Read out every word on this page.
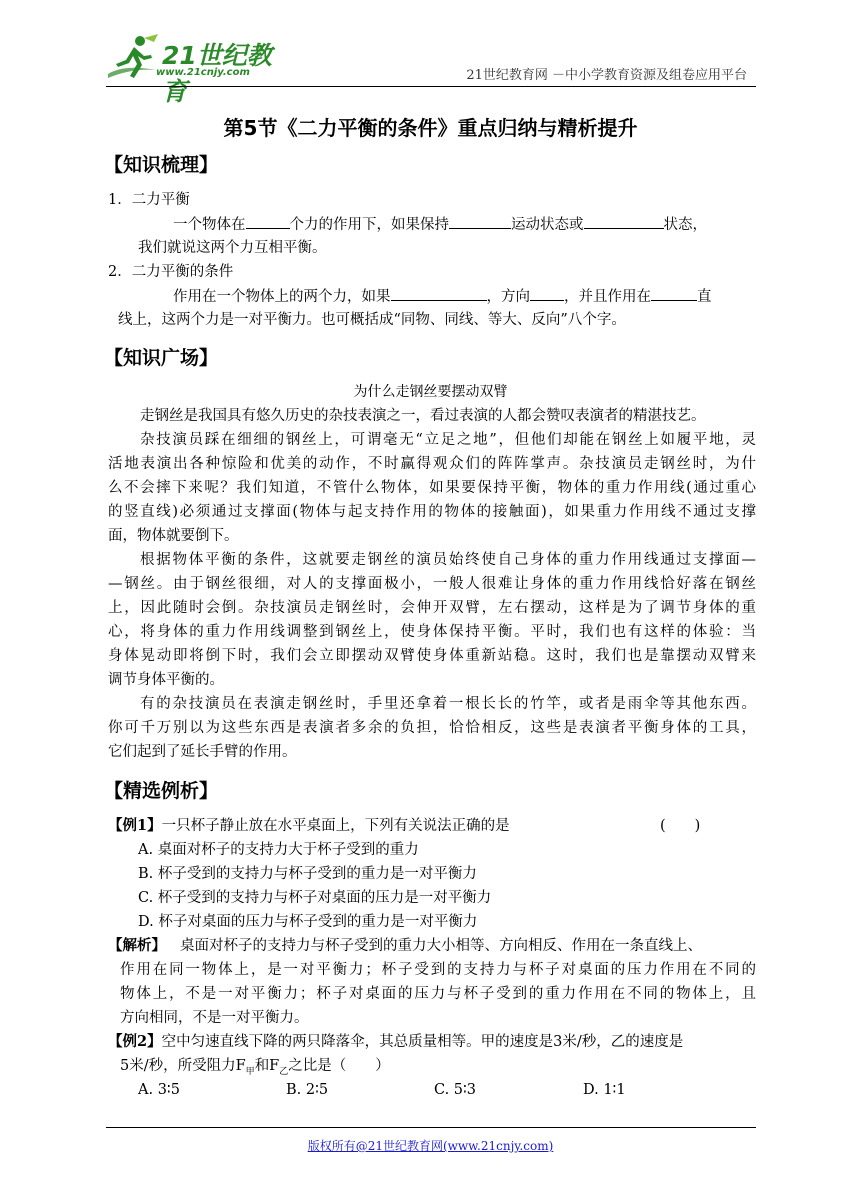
21世纪教育
www.21cnjy.com	21世纪教育网 －中小学教育资源及组卷应用平台
第5节《二力平衡的条件》重点归纳与精析提升
【知识梳理】
1．二力平衡
一个物体在	个力的作用下，如果保持	运动状态或	状态，
我们就说这两个力互相平衡。
2．二力平衡的条件
作用在一个物体上的两个力，如果	，方向 ，并且作用在	直
线上，这两个力是一对平衡力。也可概括成“同物、同线、等大、反向”八个字。
【知识广场】
为什么走钢丝要摆动双臂
走钢丝是我国具有悠久历史的杂技表演之一，看过表演的人都会赞叹表演者的精湛技艺。
杂技演员踩在细细的钢丝上，可谓毫无“立足之地”，但他们却能在钢丝上如履平地，灵
活地表演出各种惊险和优美的动作，不时赢得观众们的阵阵掌声。杂技演员走钢丝时，为什
么不会摔下来呢？我们知道，不管什么物体，如果要保持平衡，物体的重力作用线(通过重心
的竖直线)必须通过支撑面(物体与起支持作用的物体的接触面)，如果重力作用线不通过支撑
面，物体就要倒下。
根据物体平衡的条件，这就要走钢丝的演员始终使自己身体的重力作用线通过支撑面—
—钢丝。由于钢丝很细，对人的支撑面极小，一般人很难让身体的重力作用线恰好落在钢丝
上，因此随时会倒。杂技演员走钢丝时，会伸开双臂，左右摆动，这样是为了调节身体的重
心，将身体的重力作用线调整到钢丝上，使身体保持平衡。平时，我们也有这样的体验：当
身体晃动即将倒下时，我们会立即摆动双臂使身体重新站稳。这时，我们也是靠摆动双臂来
调节身体平衡的。
有的杂技演员在表演走钢丝时，手里还拿着一根长长的竹竿，或者是雨伞等其他东西。
你可千万别以为这些东西是表演者多余的负担，恰恰相反，这些是表演者平衡身体的工具，
它们起到了延长手臂的作用。
【精选例析】
【例1】一只杯子静止放在水平桌面上，下列有关说法正确的是	(　　)
A. 桌面对杯子的支持力大于杯子受到的重力
B. 杯子受到的支持力与杯子受到的重力是一对平衡力
C. 杯子受到的支持力与杯子对桌面的压力是一对平衡力
D. 杯子对桌面的压力与杯子受到的重力是一对平衡力
【解析】 桌面对杯子的支持力与杯子受到的重力大小相等、方向相反、作用在一条直线上、
作用在同一物体上，是一对平衡力；杯子受到的支持力与杯子对桌面的压力作用在不同的
物体上，不是一对平衡力；杯子对桌面的压力与杯子受到的重力作用在不同的物体上，且
方向相同，不是一对平衡力。
【例2】空中匀速直线下降的两只降落伞，其总质量相等。甲的速度是3米/秒，乙的速度是
5米/秒，所受阻力$F_甲$和$F_乙$之比是（　　）
A. 3∶5	B. 2∶5	C. 5∶3	D. 1∶1
版权所有@21世纪教育网(www.21cnjy.com)
